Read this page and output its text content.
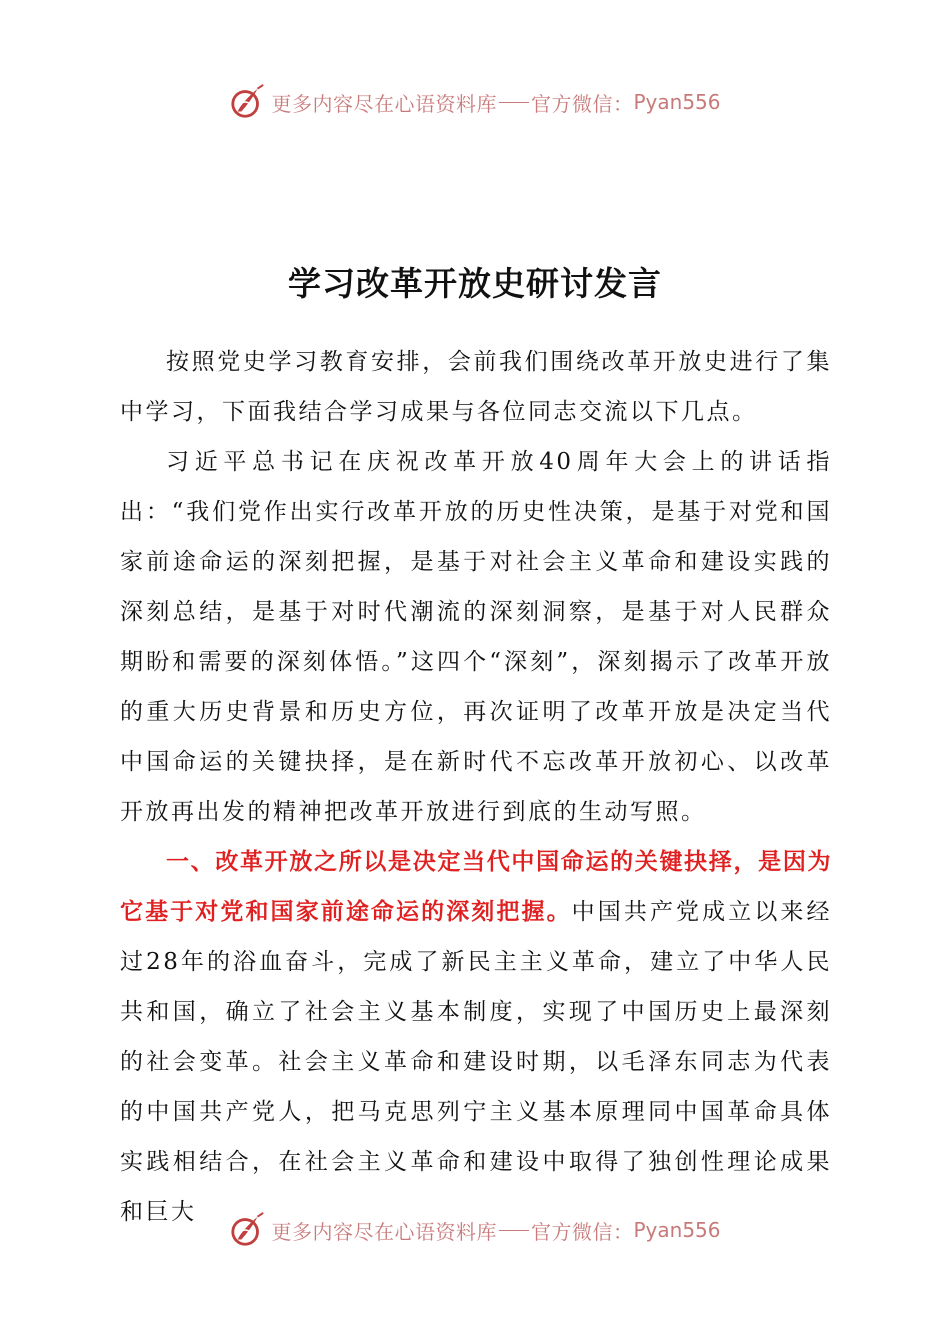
更多内容尽在心语资料库 官方微信： Pyan556
学习改革开放史研讨发言

按照党史学习教育安排，会前我们围绕改革开放史进行了集中学习，下面我结合学习成果与各位同志交流以下几点。

习近平总书记在庆祝改革开放40周年大会上的讲话指出：“我们党作出实行改革开放的历史性决策，是基于对党和国家前途命运的深刻把握，是基于对社会主义革命和建设实践的深刻总结，是基于对时代潮流的深刻洞察，是基于对人民群众期盼和需要的深刻体悟。”这四个“深刻”，深刻揭示了改革开放的重大历史背景和历史方位，再次证明了改革开放是决定当代中国命运的关键抉择，是在新时代不忘改革开放初心、以改革开放再出发的精神把改革开放进行到底的生动写照。

一、改革开放之所以是决定当代中国命运的关键抉择，是因为它基于对党和国家前途命运的深刻把握。中国共产党成立以来经过28年的浴血奋斗，完成了新民主主义革命，建立了中华人民共和国，确立了社会主义基本制度，实现了中国历史上最深刻的社会变革。社会主义革命和建设时期，以毛泽东同志为代表的中国共产党人，把马克思列宁主义基本原理同中国革命具体实践相结合，在社会主义革命和建设中取得了独创性理论成果和巨大

更多内容尽在心语资料库 官方微信： Pyan556
